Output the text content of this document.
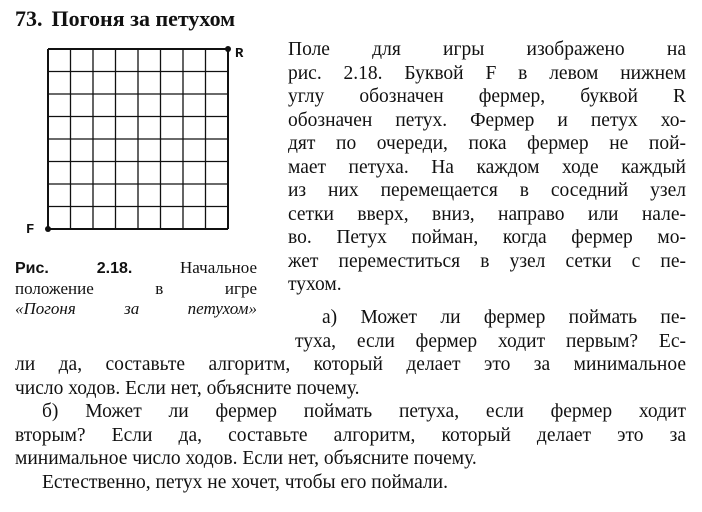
73. Погоня за петухом
R
F
Рис. 2.18.	Начальное
положение	в	игре
«Погоня за петухом»
Поле для игры изображено на
рис. 2.18. Буквой F в левом нижнем
углу обозначен фермер, буквой R
обозначен петух. Фермер и петух хо-
дят по очереди, пока фермер не пой-
мает петуха. На каждом ходе каждый
из них перемещается в соседний узел
сетки вверх, вниз, направо или нале-
во. Петух пойман, когда фермер мо-
жет переместиться в узел сетки с пе-
тухом.
а) Может ли фермер поймать пе-
туха, если фермер ходит первым? Ес-
ли да, составьте алгоритм, который делает это за минимальное
число ходов. Если нет, объясните почему.
б) Может ли фермер поймать петуха, если фермер ходит
вторым? Если да, составьте алгоритм, который делает это за
минимальное число ходов. Если нет, объясните почему.
Естественно, петух не хочет, чтобы его поймали.
